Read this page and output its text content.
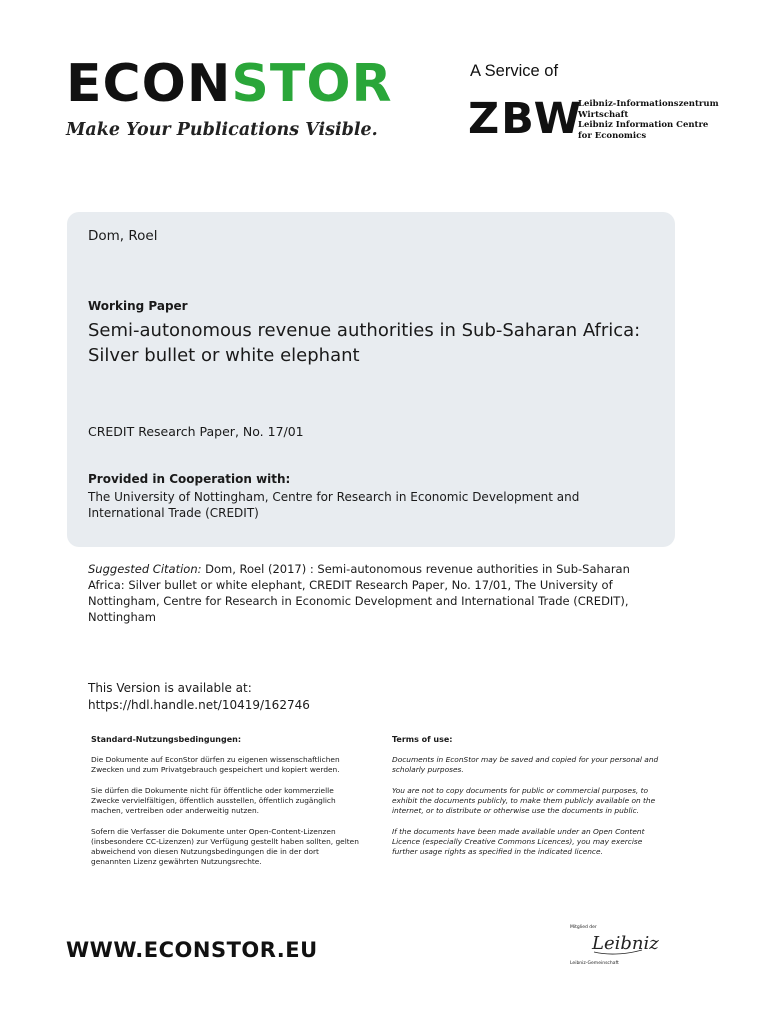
ECONSTOR
Make Your Publications Visible.
A Service of
ZBW
Leibniz-Informationszentrum
Wirtschaft
Leibniz Information Centre
for Economics
Dom, Roel
Working Paper
Semi-autonomous revenue authorities in Sub-Saharan Africa: Silver bullet or white elephant
CREDIT Research Paper, No. 17/01
Provided in Cooperation with:
The University of Nottingham, Centre for Research in Economic Development and International Trade (CREDIT)
Suggested Citation: Dom, Roel (2017) : Semi-autonomous revenue authorities in Sub-Saharan Africa: Silver bullet or white elephant, CREDIT Research Paper, No. 17/01, The University of Nottingham, Centre for Research in Economic Development and International Trade (CREDIT), Nottingham
This Version is available at:
https://hdl.handle.net/10419/162746
Standard-Nutzungsbedingungen:
Die Dokumente auf EconStor dürfen zu eigenen wissenschaftlichen Zwecken und zum Privatgebrauch gespeichert und kopiert werden.
Sie dürfen die Dokumente nicht für öffentliche oder kommerzielle Zwecke vervielfältigen, öffentlich ausstellen, öffentlich zugänglich machen, vertreiben oder anderweitig nutzen.
Sofern die Verfasser die Dokumente unter Open-Content-Lizenzen (insbesondere CC-Lizenzen) zur Verfügung gestellt haben sollten, gelten abweichend von diesen Nutzungsbedingungen die in der dort genannten Lizenz gewährten Nutzungsrechte.
Terms of use:
Documents in EconStor may be saved and copied for your personal and scholarly purposes.
You are not to copy documents for public or commercial purposes, to exhibit the documents publicly, to make them publicly available on the internet, or to distribute or otherwise use the documents in public.
If the documents have been made available under an Open Content Licence (especially Creative Commons Licences), you may exercise further usage rights as specified in the indicated licence.
WWW.ECONSTOR.EU
Mitglied der
Leibniz
Leibniz-Gemeinschaft
